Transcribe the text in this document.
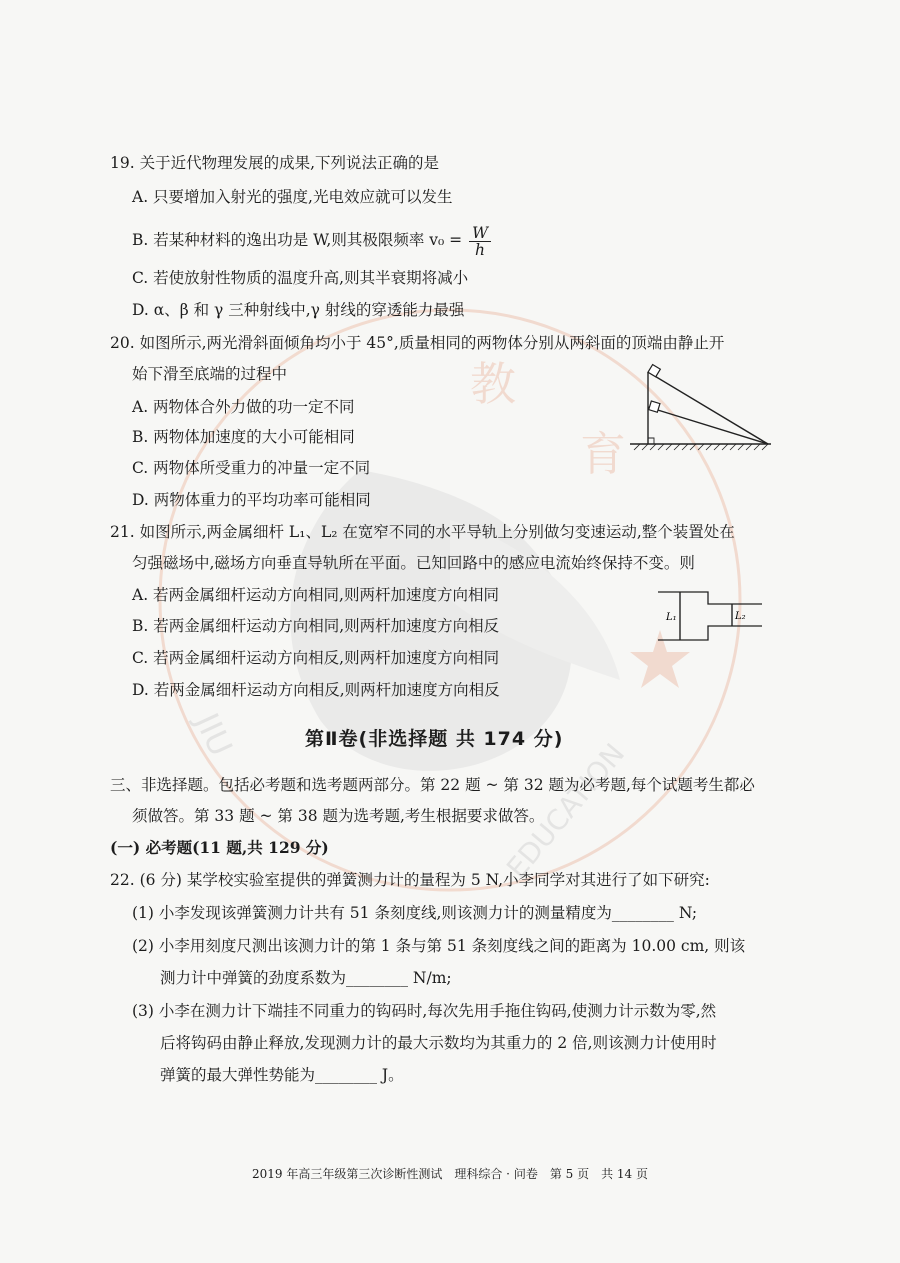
教
育
JIU
EDUCATION
19. 关于近代物理发展的成果,下列说法正确的是
A. 只要增加入射光的强度,光电效应就可以发生
B. 若某种材料的逸出功是 W,则其极限频率 $v_0 = \frac{W}{h}$
C. 若使放射性物质的温度升高,则其半衰期将减小
D. α、β 和 γ 三种射线中,γ 射线的穿透能力最强
20. 如图所示,两光滑斜面倾角均小于 45°,质量相同的两物体分别从两斜面的顶端由静止开
始下滑至底端的过程中
A. 两物体合外力做的功一定不同
B. 两物体加速度的大小可能相同
C. 两物体所受重力的冲量一定不同
D. 两物体重力的平均功率可能相同
21. 如图所示,两金属细杆 L₁、L₂ 在宽窄不同的水平导轨上分别做匀变速运动,整个装置处在
匀强磁场中,磁场方向垂直导轨所在平面。已知回路中的感应电流始终保持不变。则
A. 若两金属细杆运动方向相同,则两杆加速度方向相同
B. 若两金属细杆运动方向相同,则两杆加速度方向相反
C. 若两金属细杆运动方向相反,则两杆加速度方向相同
D. 若两金属细杆运动方向相反,则两杆加速度方向相反
L₁	L₂
第Ⅱ卷(非选择题 共 174 分)
三、非选择题。包括必考题和选考题两部分。第 22 题 ~ 第 32 题为必考题,每个试题考生都必
须做答。第 33 题 ~ 第 38 题为选考题,考生根据要求做答。
(一) 必考题(11 题,共 129 分)
22. (6 分) 某学校实验室提供的弹簧测力计的量程为 5 N,小李同学对其进行了如下研究:
(1) 小李发现该弹簧测力计共有 51 条刻度线,则该测力计的测量精度为________ N;
(2) 小李用刻度尺测出该测力计的第 1 条与第 51 条刻度线之间的距离为 10.00 cm, 则该
测力计中弹簧的劲度系数为________ N/m;
(3) 小李在测力计下端挂不同重力的钩码时,每次先用手拖住钩码,使测力计示数为零,然
后将钩码由静止释放,发现测力计的最大示数均为其重力的 2 倍,则该测力计使用时
弹簧的最大弹性势能为________ J。
2019 年高三年级第三次诊断性测试　理科综合 · 问卷　第 5 页　共 14 页
